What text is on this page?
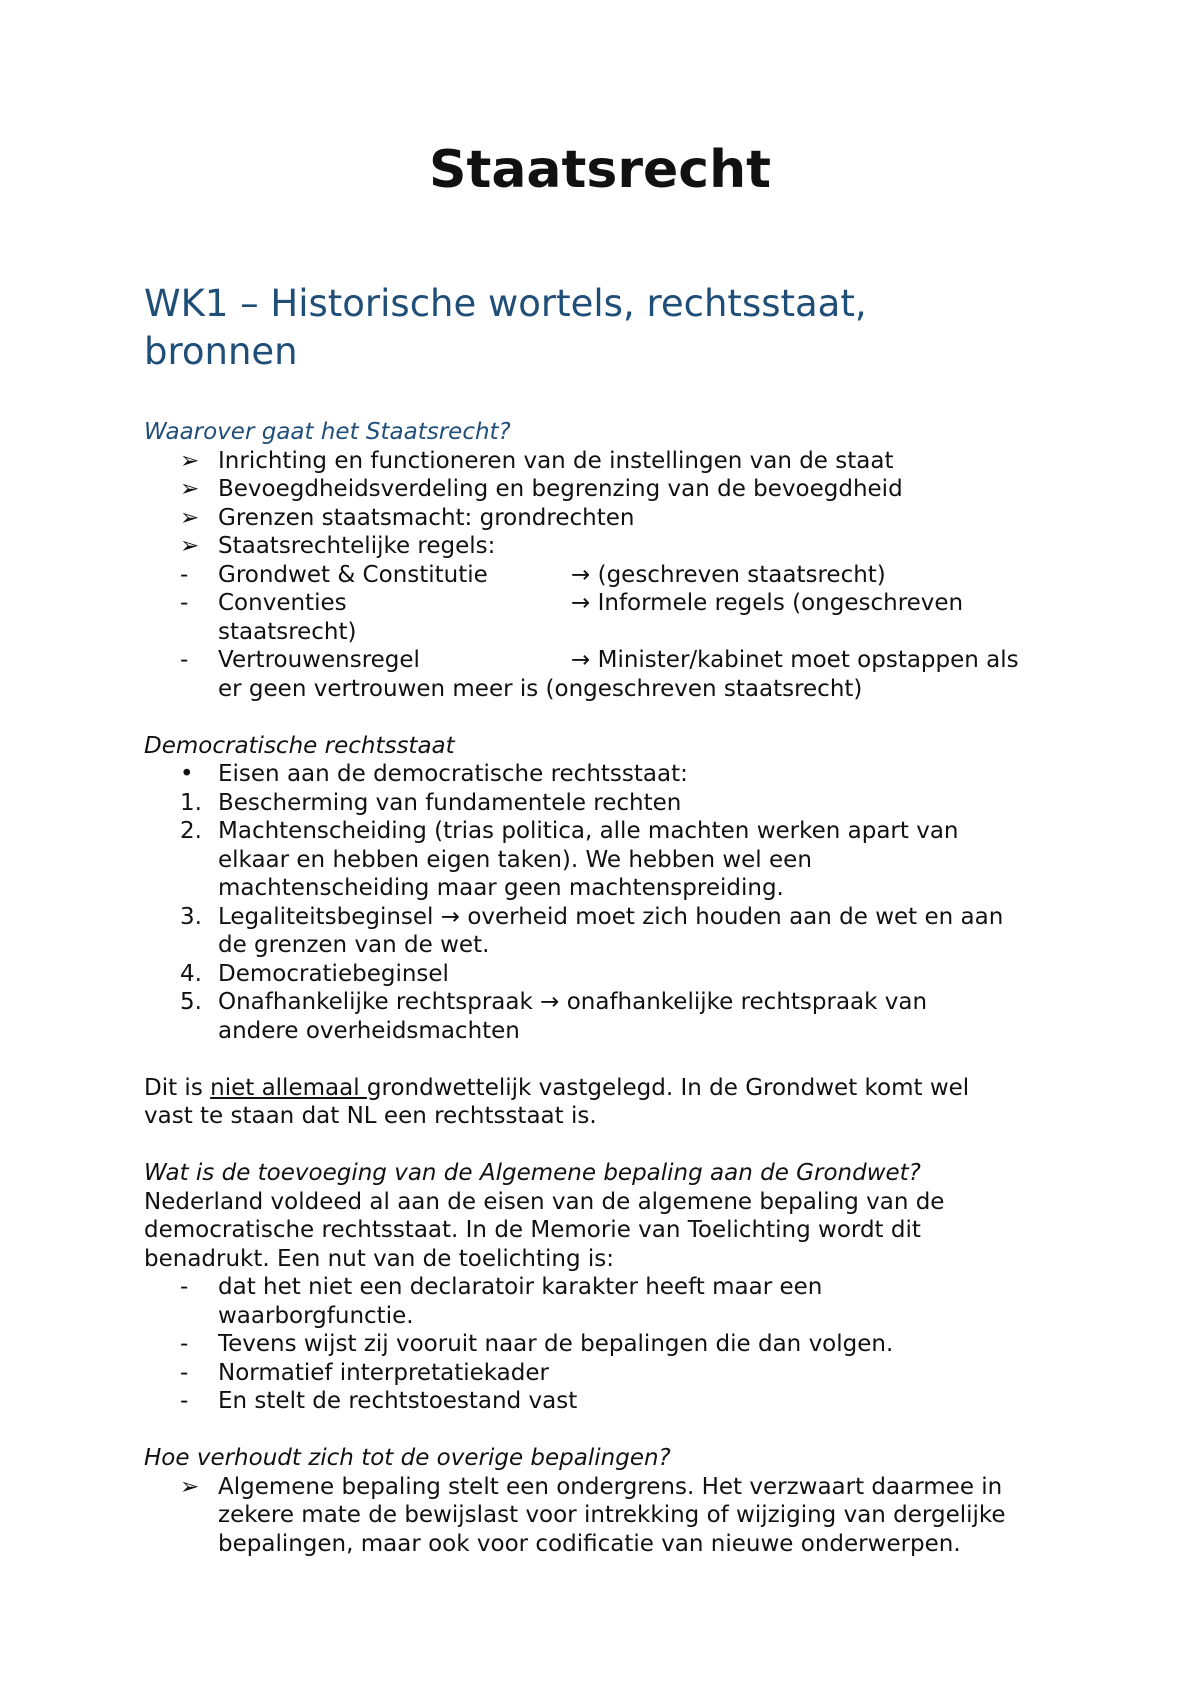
Staatsrecht
WK1 – Historische wortels, rechtsstaat,
bronnen
Waarover gaat het Staatsrecht?
➢ Inrichting en functioneren van de instellingen van de staat
➢ Bevoegdheidsverdeling en begrenzing van de bevoegdheid
➢ Grenzen staatsmacht: grondrechten
➢ Staatsrechtelijke regels:
-	Grondwet & Constitutie	→ (geschreven staatsrecht)
-	Conventies	→ Informele regels (ongeschreven
staatsrecht)
-	Vertrouwensregel	→ Minister/kabinet moet opstappen als
er geen vertrouwen meer is (ongeschreven staatsrecht)
Democratische rechtsstaat
•	Eisen aan de democratische rechtsstaat:
1. Bescherming van fundamentele rechten
2. Machtenscheiding (trias politica, alle machten werken apart van
elkaar en hebben eigen taken). We hebben wel een
machtenscheiding maar geen machtenspreiding.
3. Legaliteitsbeginsel → overheid moet zich houden aan de wet en aan
de grenzen van de wet.
4. Democratiebeginsel
5. Onafhankelijke rechtspraak → onafhankelijke rechtspraak van
andere overheidsmachten
Dit is niet allemaal grondwettelijk vastgelegd. In de Grondwet komt wel
vast te staan dat NL een rechtsstaat is.
Wat is de toevoeging van de Algemene bepaling aan de Grondwet?
Nederland voldeed al aan de eisen van de algemene bepaling van de
democratische rechtsstaat. In de Memorie van Toelichting wordt dit
benadrukt. Een nut van de toelichting is:
-	dat het niet een declaratoir karakter heeft maar een
waarborgfunctie.
-	Tevens wijst zij vooruit naar de bepalingen die dan volgen.
-	Normatief interpretatiekader
-	En stelt de rechtstoestand vast
Hoe verhoudt zich tot de overige bepalingen?
➢ Algemene bepaling stelt een ondergrens. Het verzwaart daarmee in
zekere mate de bewijslast voor intrekking of wijziging van dergelijke
bepalingen, maar ook voor codificatie van nieuwe onderwerpen.
